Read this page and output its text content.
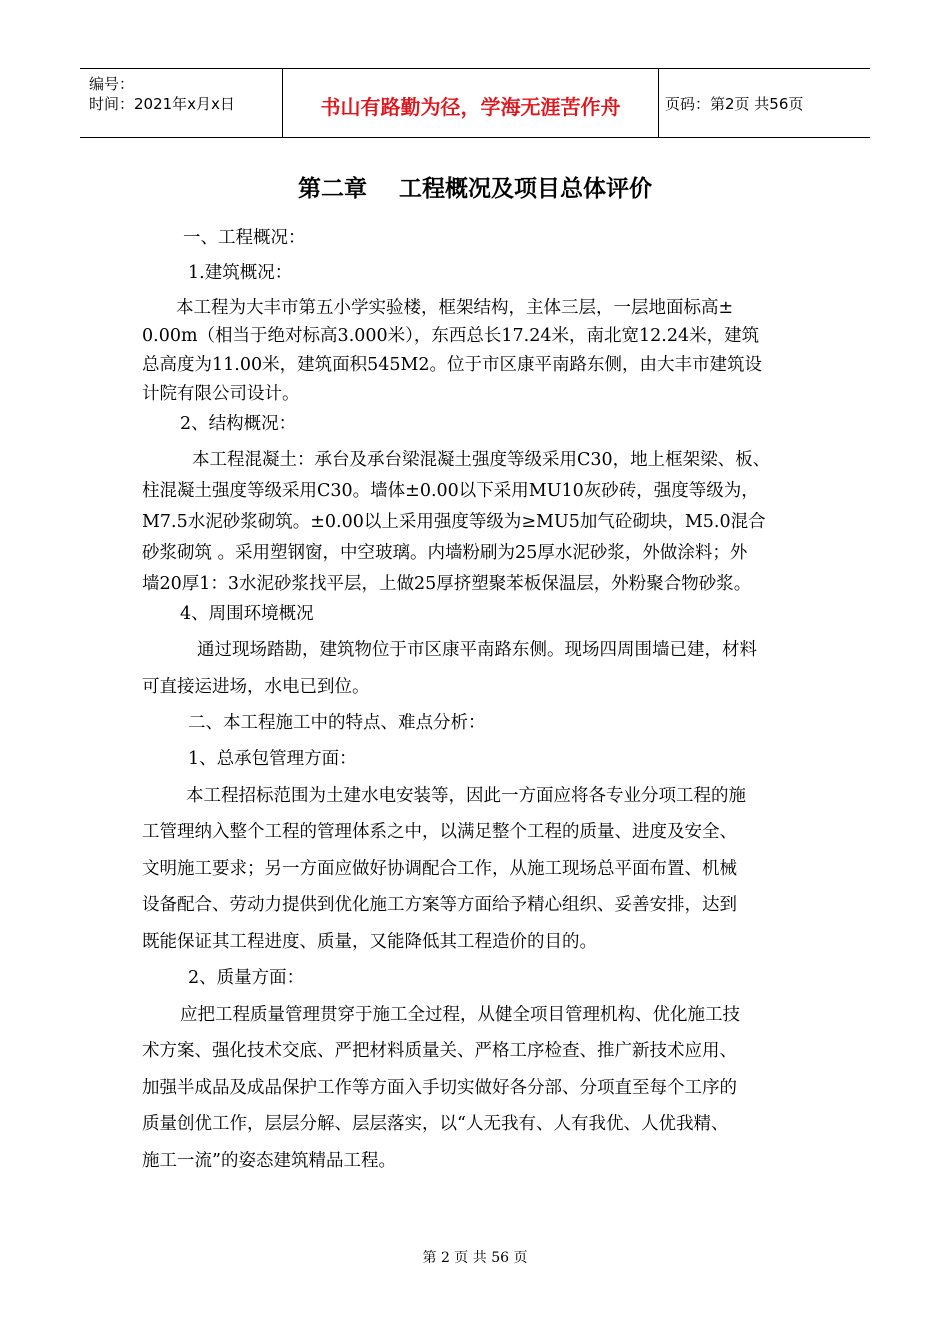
编号：
时间：2021年x月x日	书山有路勤为径，学海无涯苦作舟	页码：第2页 共56页
第二章    工程概况及项目总体评价
一、工程概况：
1.建筑概况：
本工程为大丰市第五小学实验楼，框架结构，主体三层，一层地面标高±
0.00m（相当于绝对标高3.000米），东西总长17.24米，南北宽12.24米，建筑
总高度为11.00米，建筑面积545M2。位于市区康平南路东侧，由大丰市建筑设
计院有限公司设计。
2、结构概况：
本工程混凝土：承台及承台梁混凝土强度等级采用C30，地上框架梁、板、
柱混凝土强度等级采用C30。墙体±0.00以下采用MU10灰砂砖，强度等级为，
M7.5水泥砂浆砌筑。±0.00以上采用强度等级为≥MU5加气砼砌块，M5.0混合
砂浆砌筑 。采用塑钢窗，中空玻璃。内墙粉刷为25厚水泥砂浆，外做涂料；外
墙20厚1：3水泥砂浆找平层，上做25厚挤塑聚苯板保温层，外粉聚合物砂浆。
4、周围环境概况
通过现场踏勘，建筑物位于市区康平南路东侧。现场四周围墙已建，材料
可直接运进场，水电已到位。
二、本工程施工中的特点、难点分析：
1、总承包管理方面：
本工程招标范围为土建水电安装等，因此一方面应将各专业分项工程的施
工管理纳入整个工程的管理体系之中，以满足整个工程的质量、进度及安全、
文明施工要求；另一方面应做好协调配合工作，从施工现场总平面布置、机械
设备配合、劳动力提供到优化施工方案等方面给予精心组织、妥善安排，达到
既能保证其工程进度、质量，又能降低其工程造价的目的。
2、质量方面：
应把工程质量管理贯穿于施工全过程，从健全项目管理机构、优化施工技
术方案、强化技术交底、严把材料质量关、严格工序检查、推广新技术应用、
加强半成品及成品保护工作等方面入手切实做好各分部、分项直至每个工序的
质量创优工作，层层分解、层层落实，以“人无我有、人有我优、人优我精、
施工一流”的姿态建筑精品工程。
第 2 页 共 56 页
